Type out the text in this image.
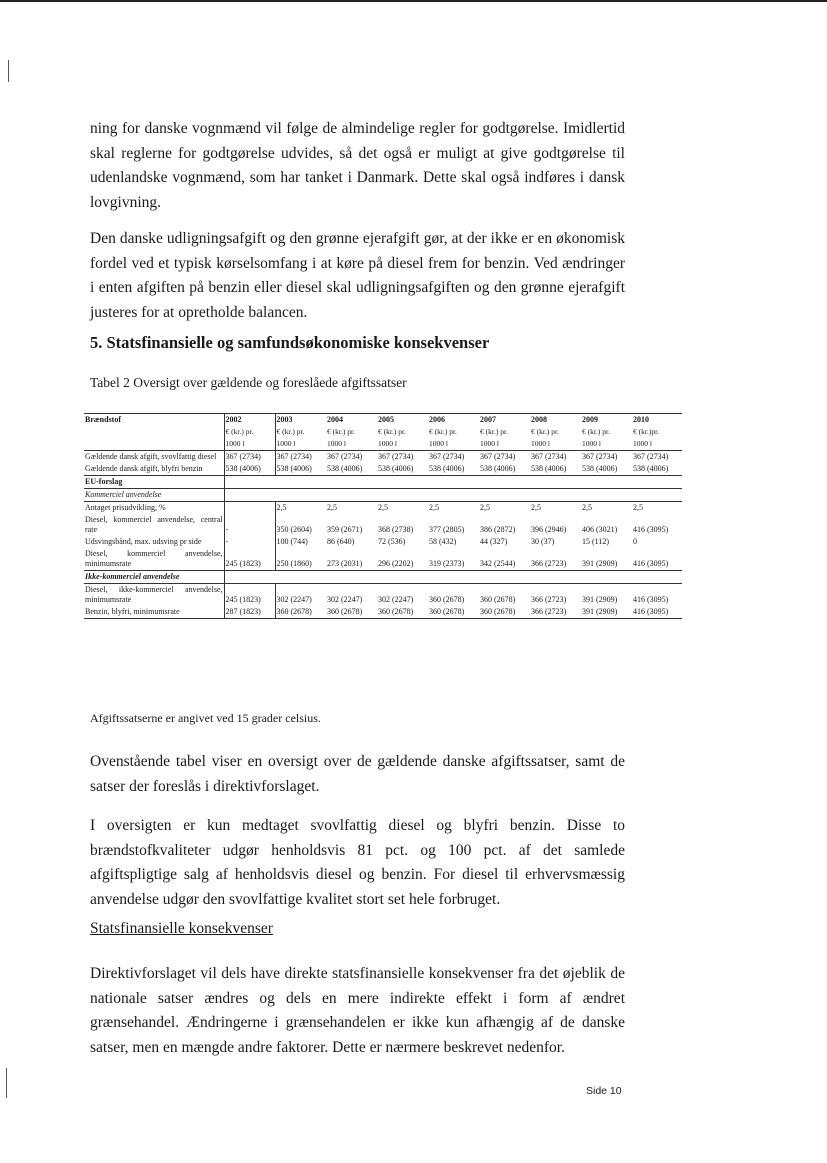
ning for danske vognmænd vil følge de almindelige regler for godtgørelse. Imidlertid skal reglerne for godtgørelse udvides, så det også er muligt at give godtgørelse til udenlandske vognmænd, som har tanket i Danmark. Dette skal også indføres i dansk lovgivning.

Den danske udligningsafgift og den grønne ejerafgift gør, at der ikke er en økonomisk fordel ved et typisk kørselsomfang i at køre på diesel frem for benzin. Ved ændringer i enten afgiften på benzin eller diesel skal udligningsafgiften og den grønne ejerafgift justeres for at opretholde balancen.

5. Statsfinansielle og samfundsøkonomiske konsekvenser

Tabel 2 Oversigt over gældende og foreslåede afgiftssatser

Brændstof	2002	2003	2004	2005	2006	2007	2008	2009	2010
	€ (kr.) pr.	€ (kr.) pr.	€ (kr.) pr.	€ (kr.) pr.	€ (kr.) pr.	€ (kr.) pr.	€ (kr.) pr.	€ (kr.) pr.	€ (kr.)pr.
	1000 l	1000 l	1000 l	1000 l	1000 l	1000 l	1000 l	1000 l	1000 l
Gældende dansk afgift, svovlfattig diesel	367 (2734)	367 (2734)	367 (2734)	367 (2734)	367 (2734)	367 (2734)	367 (2734)	367 (2734)	367 (2734)
Gældende dansk afgift, blyfri benzin	538 (4006)	538 (4006)	538 (4006)	538 (4006)	538 (4006)	538 (4006)	538 (4006)	538 (4006)	538 (4006)
EU-forslag									
Kommerciel anvendelse									
Antaget prisudvikling, %		2,5	2,5	2,5	2,5	2,5	2,5	2,5	2,5
Diesel, kommerciel anvendelse, central rate	-	350 (2604)	359 (2671)	368 (2738)	377 (2805)	386 (2872)	396 (2946)	406 (3021)	416 (3095)
Udsvingsbånd, max. udsving pr side	-	100 (744)	86 (640)	72 (536)	58 (432)	44 (327)	30 (37)	15 (112)	0
Diesel, kommerciel anvendelse, minimumsrate	245 (1823)	250 (1860)	273 (2031)	296 (2202)	319 (2373)	342 (2544)	366 (2723)	391 (2909)	416 (3095)
Ikke-kommerciel anvendelse									
Diesel, ikke-kommerciel anvendelse, minimumsrate	245 (1823)	302 (2247)	302 (2247)	302 (2247)	360 (2678)	360 (2678)	366 (2723)	391 (2909)	416 (3095)
Benzin, blyfri, minimumsrate	287 (1823)	360 (2678)	360 (2678)	360 (2678)	360 (2678)	360 (2678)	366 (2723)	391 (2909)	416 (3095)

Afgiftssatserne er angivet ved 15 grader celsius.

Ovenstående tabel viser en oversigt over de gældende danske afgiftssatser, samt de satser der foreslås i direktivforslaget.

I oversigten er kun medtaget svovlfattig diesel og blyfri benzin. Disse to brændstofkvaliteter udgør henholdsvis 81 pct. og 100 pct. af det samlede afgiftspligtige salg af henholdsvis diesel og benzin. For diesel til erhvervsmæssig anvendelse udgør den svovlfattige kvalitet stort set hele forbruget.

Statsfinansielle konsekvenser

Direktivforslaget vil dels have direkte statsfinansielle konsekvenser fra det øjeblik de nationale satser ændres og dels en mere indirekte effekt i form af ændret grænsehandel. Ændringerne i grænsehandelen er ikke kun afhængig af de danske satser, men en mængde andre faktorer. Dette er nærmere beskrevet nedenfor.

Side 10
